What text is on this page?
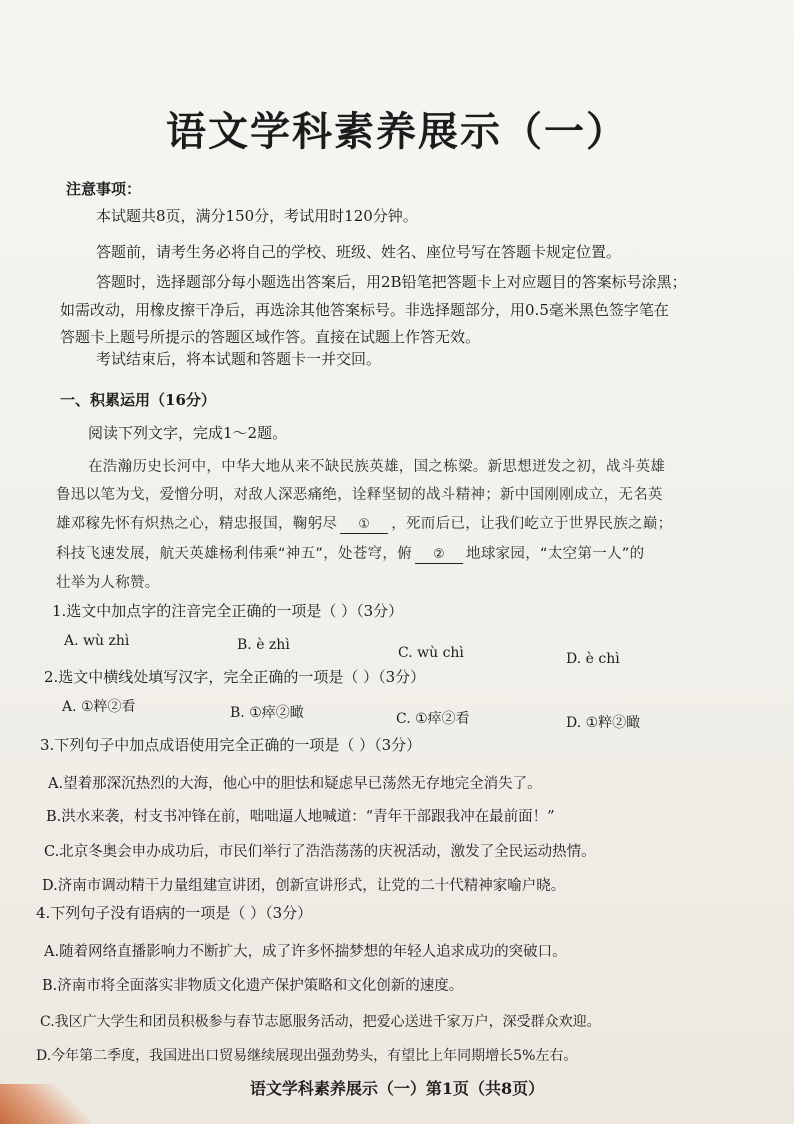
语文学科素养展示（一）
注意事项：
本试题共8页，满分150分，考试用时120分钟。
答题前，请考生务必将自己的学校、班级、姓名、座位号写在答题卡规定位置。
答题时，选择题部分每小题选出答案后，用2B铅笔把答题卡上对应题目的答案标号涂黑；
如需改动，用橡皮擦干净后，再选涂其他答案标号。非选择题部分，用0.5毫米黑色签字笔在
答题卡上题号所提示的答题区域作答。直接在试题上作答无效。
考试结束后，将本试题和答题卡一并交回。
一、积累运用（16分）
阅读下列文字，完成1～2题。
在浩瀚历史长河中，中华大地从来不缺民族英雄，国之栋梁。新思想迸发之初，战斗英雄
鲁迅以笔为戈，爱憎分明，对敌人深恶痛绝，诠释坚韧的战斗精神；新中国刚刚成立，无名英
雄邓稼先怀有炽热之心，精忠报国，鞠躬尽 ① ，死而后已，让我们屹立于世界民族之巅；
科技飞速发展，航天英雄杨利伟乘“神五”，处苍穹，俯 ② 地球家园，“太空第一人”的
壮举为人称赞。
1.选文中加点字的注音完全正确的一项是（ ）（3分）
A. wù zhì	B. è zhì	C. wù chì	D. è chì
2.选文中横线处填写汉字，完全正确的一项是（ ）（3分）
A. ①粹②看	B. ①瘁②瞰	C. ①瘁②看	D. ①粹②瞰
3.下列句子中加点成语使用完全正确的一项是（ ）（3分）
A.望着那深沉热烈的大海，他心中的胆怯和疑虑早已荡然无存地完全消失了。
B.洪水来袭，村支书冲锋在前，咄咄逼人地喊道：“青年干部跟我冲在最前面！”
C.北京冬奥会申办成功后，市民们举行了浩浩荡荡的庆祝活动，激发了全民运动热情。
D.济南市调动精干力量组建宣讲团，创新宣讲形式，让党的二十代精神家喻户晓。
4.下列句子没有语病的一项是（ ）（3分）
A.随着网络直播影响力不断扩大，成了许多怀揣梦想的年轻人追求成功的突破口。
B.济南市将全面落实非物质文化遗产保护策略和文化创新的速度。
C.我区广大学生和团员积极参与春节志愿服务活动，把爱心送进千家万户，深受群众欢迎。
D.今年第二季度，我国进出口贸易继续展现出强劲势头，有望比上年同期增长5%左右。
语文学科素养展示（一）第1页（共8页）
